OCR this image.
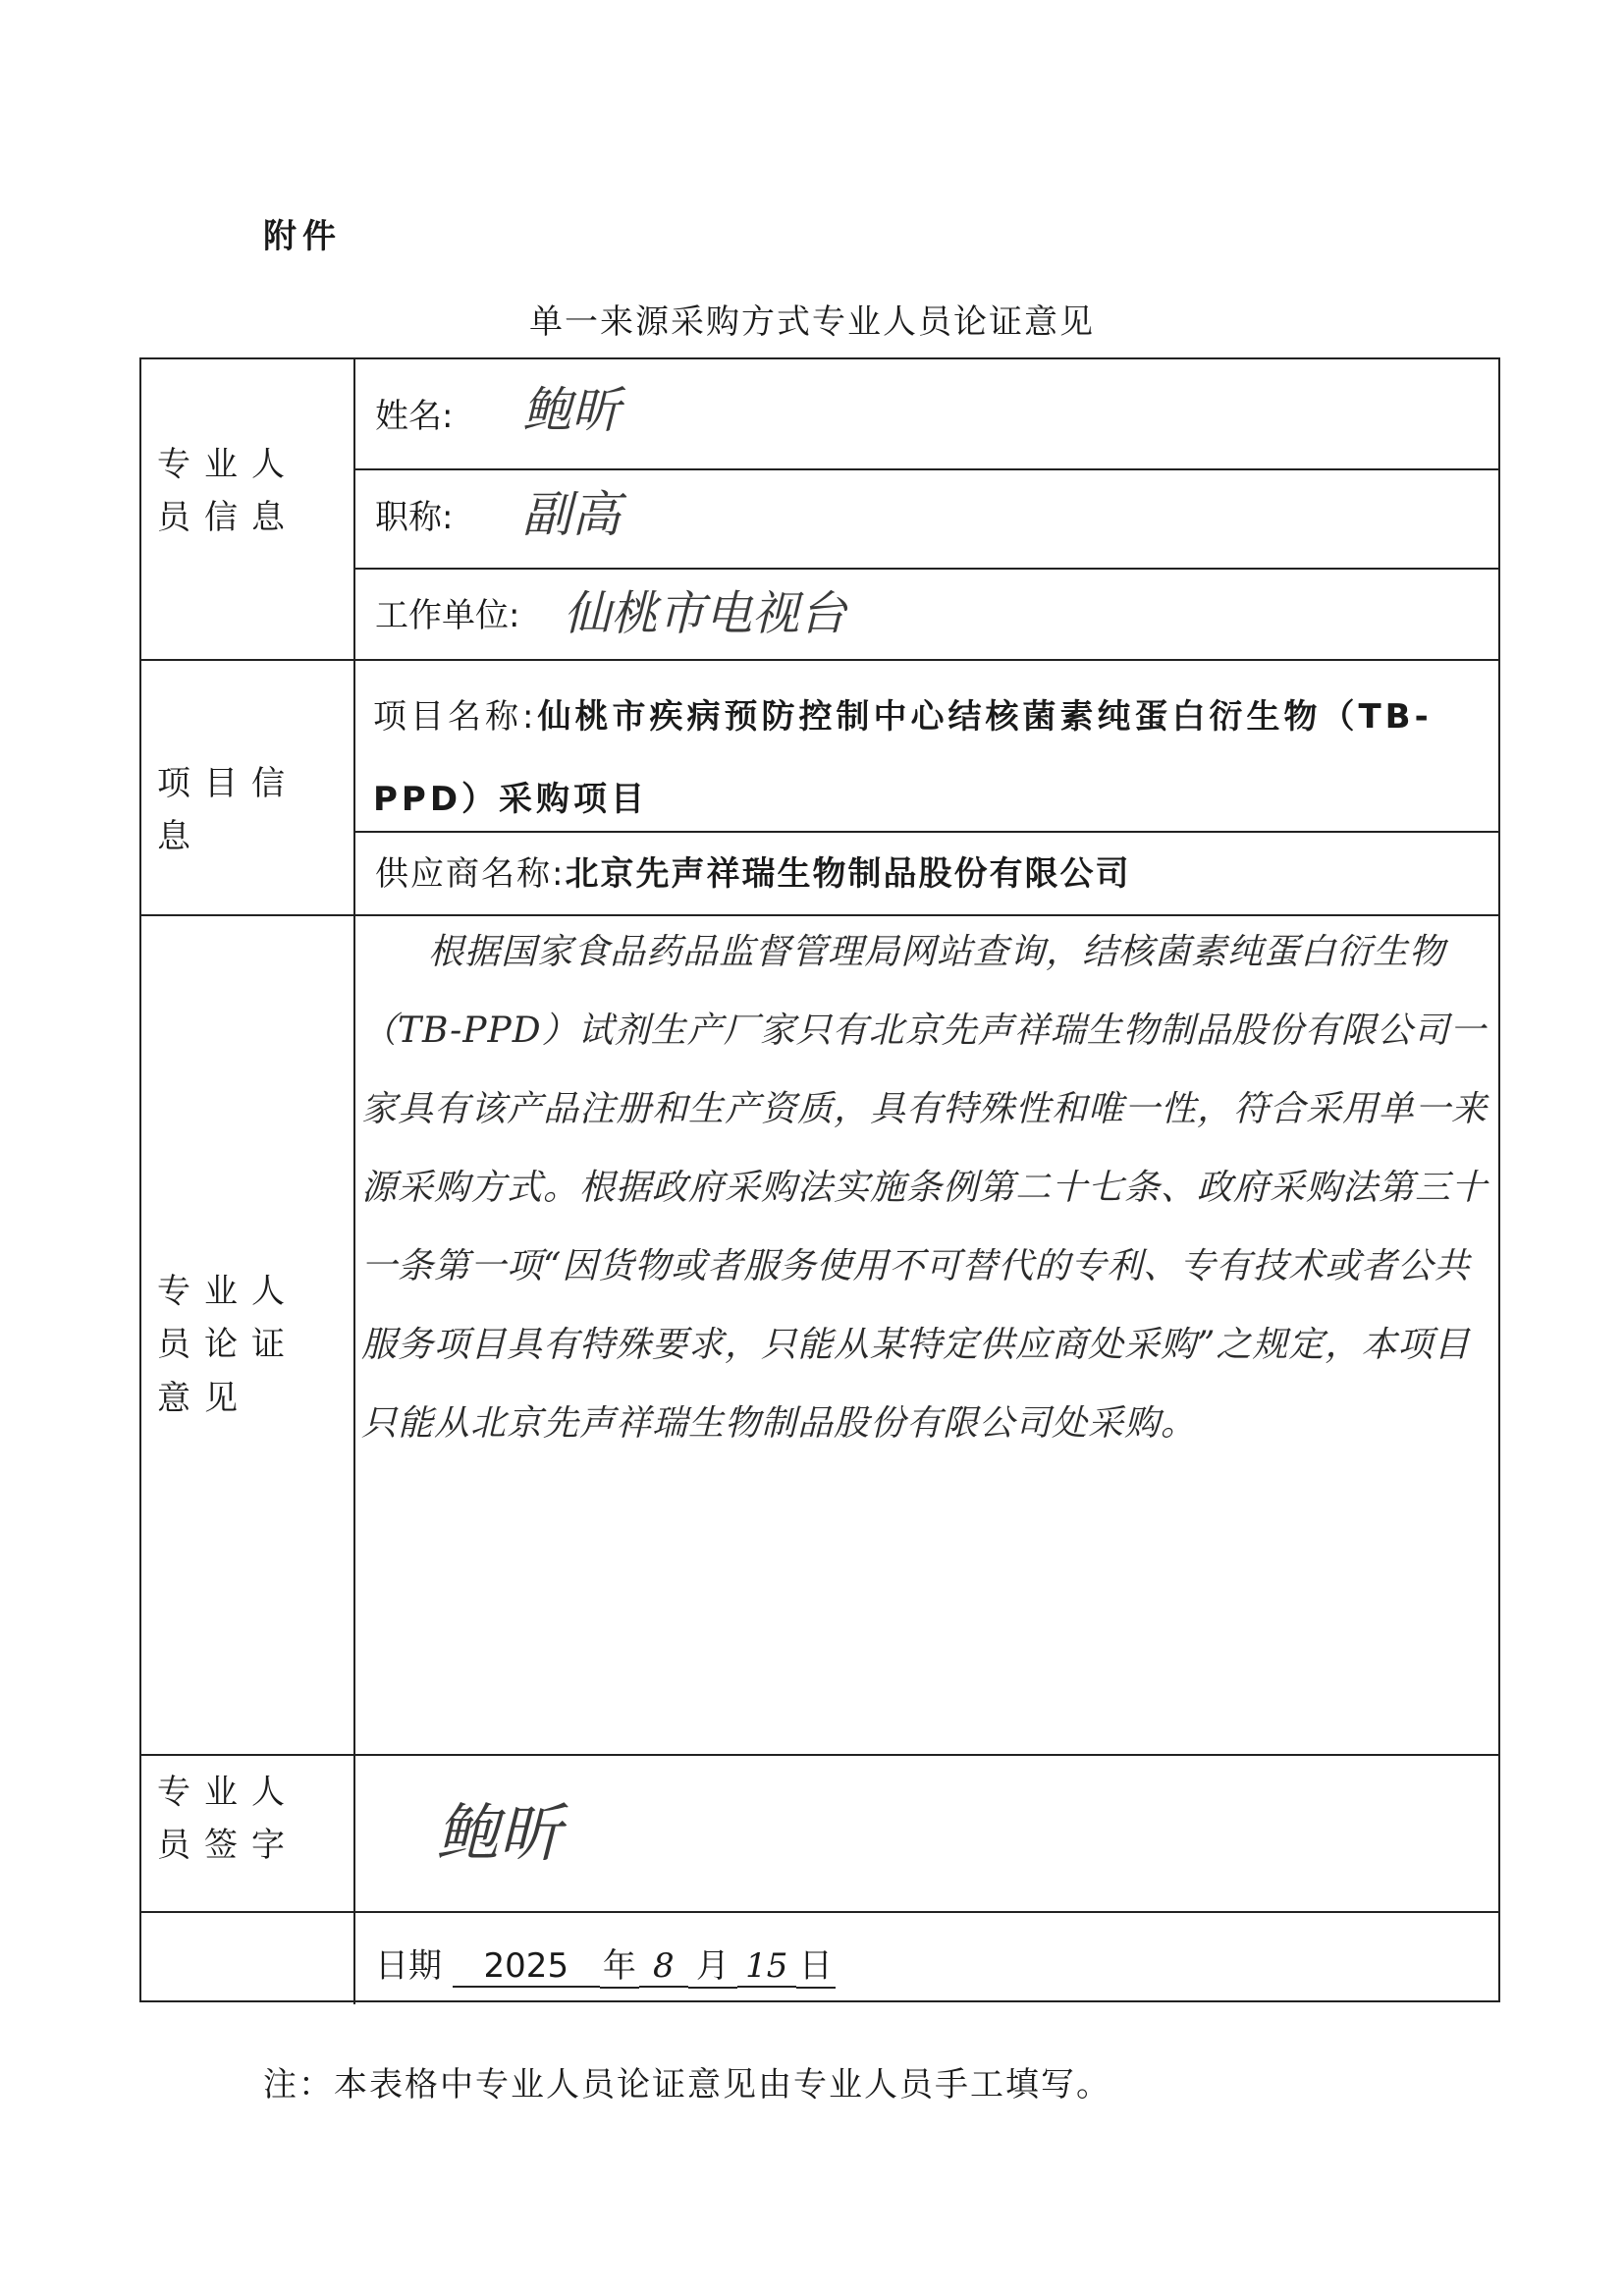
附件
单一来源采购方式专业人员论证意见
专业人员信息
项目信息
专业人员论证意见
专业人员签字
姓名: 鲍昕
职称: 副高
工作单位: 仙桃市电视台
项目名称:仙桃市疾病预防控制中心结核菌素纯蛋白衍生物（TB-PPD）采购项目
供应商名称:北京先声祥瑞生物制品股份有限公司
鲍昕
日期 2025 年 8 月 15 日
根据国家食品药品监督管理局网站查询，结核菌素纯蛋白衍生物（TB-PPD）试剂生产厂家只有北京先声祥瑞生物制品股份有限公司一家具有该产品注册和生产资质，具有特殊性和唯一性，符合采用单一来源采购方式。根据政府采购法实施条例第二十七条、政府采购法第三十一条第一项“因货物或者服务使用不可替代的专利、专有技术或者公共服务项目具有特殊要求，只能从某特定供应商处采购”之规定，本项目只能从北京先声祥瑞生物制品股份有限公司处采购。
注：本表格中专业人员论证意见由专业人员手工填写。
